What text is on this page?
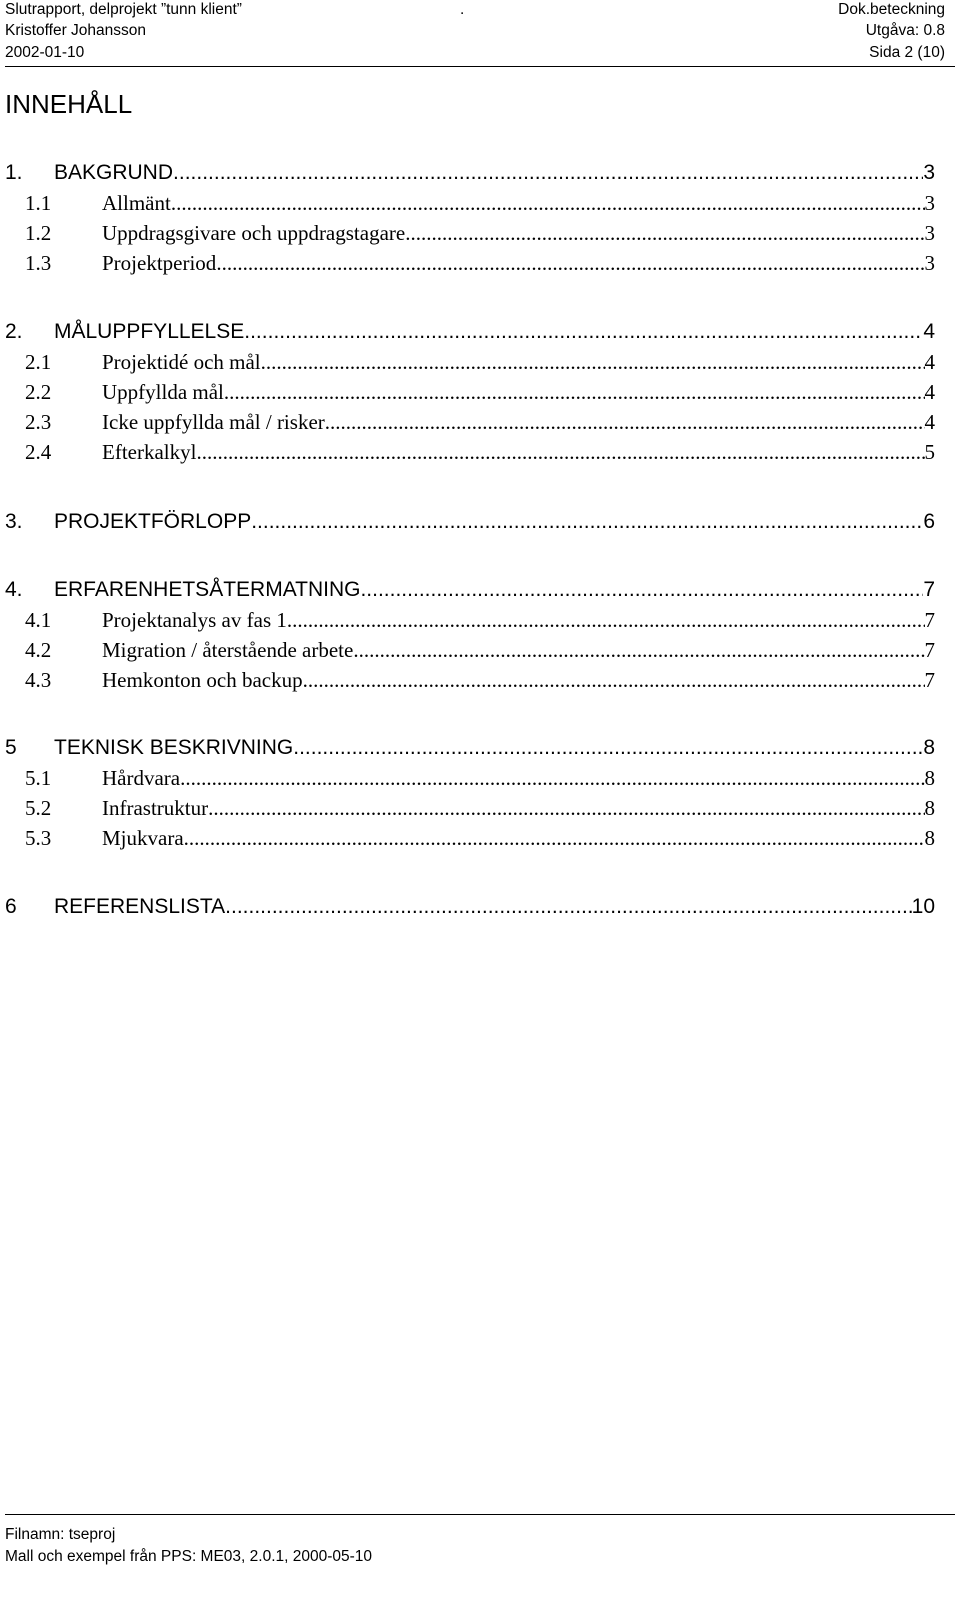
Slutrapport, delprojekt ”tunn klient”	.	Dok.beteckning
Kristoffer Johansson	Utgåva: 0.8
2002-01-10	Sida 2 (10)
INNEHÅLL
1.	BAKGRUND .....	3
1.1	Allmänt .....	3
1.2	Uppdragsgivare och uppdragstagare .....	3
1.3	Projektperiod .....	3
2.	MÅLUPPFYLLELSE .....	4
2.1	Projektidé och mål .....	4
2.2	Uppfyllda mål .....	4
2.3	Icke uppfyllda mål / risker .....	4
2.4	Efterkalkyl .....	5
3.	PROJEKTFÖRLOPP .....	6
4.	ERFARENHETSÅTERMATNING .....	7
4.1	Projektanalys av fas 1 .....	7
4.2	Migration / återstående arbete .....	7
4.3	Hemkonton och backup .....	7
5	TEKNISK BESKRIVNING .....	8
5.1	Hårdvara .....	8
5.2	Infrastruktur .....	8
5.3	Mjukvara .....	8
6	REFERENSLISTA .....	10
Filnamn: tseproj
Mall och exempel från PPS: ME03, 2.0.1, 2000-05-10
